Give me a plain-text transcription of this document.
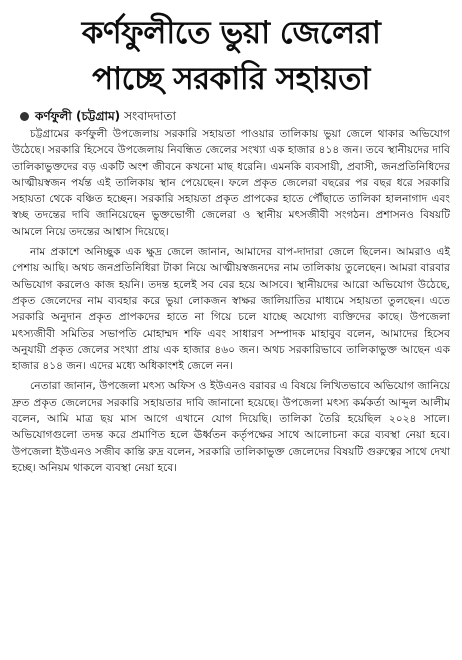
কর্ণফুলীতে ভুয়া জেলেরা
পাচ্ছে সরকারি সহায়তা
কর্ণফুলী (চট্টগ্রাম) সংবাদদাতা

চট্টগ্রামের কর্ণফুলী উপজেলায় সরকারি সহায়তা পাওয়ার তালিকায় ভুয়া জেলে থাকার অভিযোগ উঠেছে। সরকারি হিসেবে উপজেলায় নিবন্ধিত জেলের সংখ্যা এক হাজার ৪১৪ জন। তবে স্থানীয়দের দাবি তালিকাভুক্তদের বড় একটি অংশ জীবনে কখনো মাছ ধরেনি। এমনকি ব্যবসায়ী, প্রবাসী, জনপ্রতিনিধিদের আত্মীয়স্বজন পর্যন্ত এই তালিকায় স্থান পেয়েছেন। ফলে প্রকৃত জেলেরা বছরের পর বছর ধরে সরকারি সহায়তা থেকে বঞ্চিত হচ্ছেন। সরকারি সহায়তা প্রকৃত প্রাপকের হাতে পৌঁছাতে তালিকা হালনাগাদ এবং স্বচ্ছ তদন্তের দাবি জানিয়েছেন ভুক্তভোগী জেলেরা ও স্থানীয় মৎসজীবী সংগঠন। প্রশাসনও বিষয়টি আমলে নিয়ে তদন্তের আশ্বাস দিয়েছে।

নাম প্রকাশে অনিচ্ছুক এক ক্ষুদ্র জেলে জানান, আমাদের বাপ-দাদারা জেলে ছিলেন। আমরাও এই পেশায় আছি। অথচ জনপ্রতিনিধিরা টাকা নিয়ে আত্মীয়স্বজনদের নাম তালিকায় তুলেছেন। আমরা বারবার অভিযোগ করলেও কাজ হয়নি। তদন্ত হলেই সব বের হয়ে আসবে। স্থানীয়দের আরো অভিযোগ উঠেছে, প্রকৃত জেলেদের নাম ব্যবহার করে ভুয়া লোকজন স্বাক্ষর জালিয়াতির মাধ্যমে সহায়তা তুলছেন। এতে সরকারি অনুদান প্রকৃত প্রাপকদের হাতে না গিয়ে চলে যাচ্ছে অযোগ্য ব্যক্তিদের কাছে। উপজেলা মৎস্যজীবী সমিতির সভাপতি মোহাম্মদ শফি এবং সাধারণ সম্পাদক মাহাবুব বলেন, আমাদের হিসেব অনুযায়ী প্রকৃত জেলের সংখ্যা প্রায় এক হাজার ৪৬০ জন। অথচ সরকারিভাবে তালিকাভুক্ত আছেন এক হাজার ৪১৪ জন। এদের মধ্যে অধিকাংশই জেলে নন।

নেতারা জানান, উপজেলা মৎস্য অফিস ও ইউএনও বরাবর এ বিষয়ে লিখিতভাবে অভিযোগ জানিয়ে দ্রুত প্রকৃত জেলেদের সরকারি সহায়তার দাবি জানানো হয়েছে। উপজেলা মৎস্য কর্মকর্তা আব্দুল আলীম বলেন, আমি মাত্র ছয় মাস আগে এখানে যোগ দিয়েছি। তালিকা তৈরি হয়েছিল ২০২৪ সালে। অভিযোগগুলো তদন্ত করে প্রমাণিত হলে ঊর্ধ্বতন কর্তৃপক্ষের সাথে আলোচনা করে ব্যবস্থা নেয়া হবে। উপজেলা ইউএনও সজীব কান্তি রুদ্র বলেন, সরকারি তালিকাভুক্ত জেলেদের বিষয়টি গুরুত্বের সাথে দেখা হচ্ছে। অনিয়ম থাকলে ব্যবস্থা নেয়া হবে।
